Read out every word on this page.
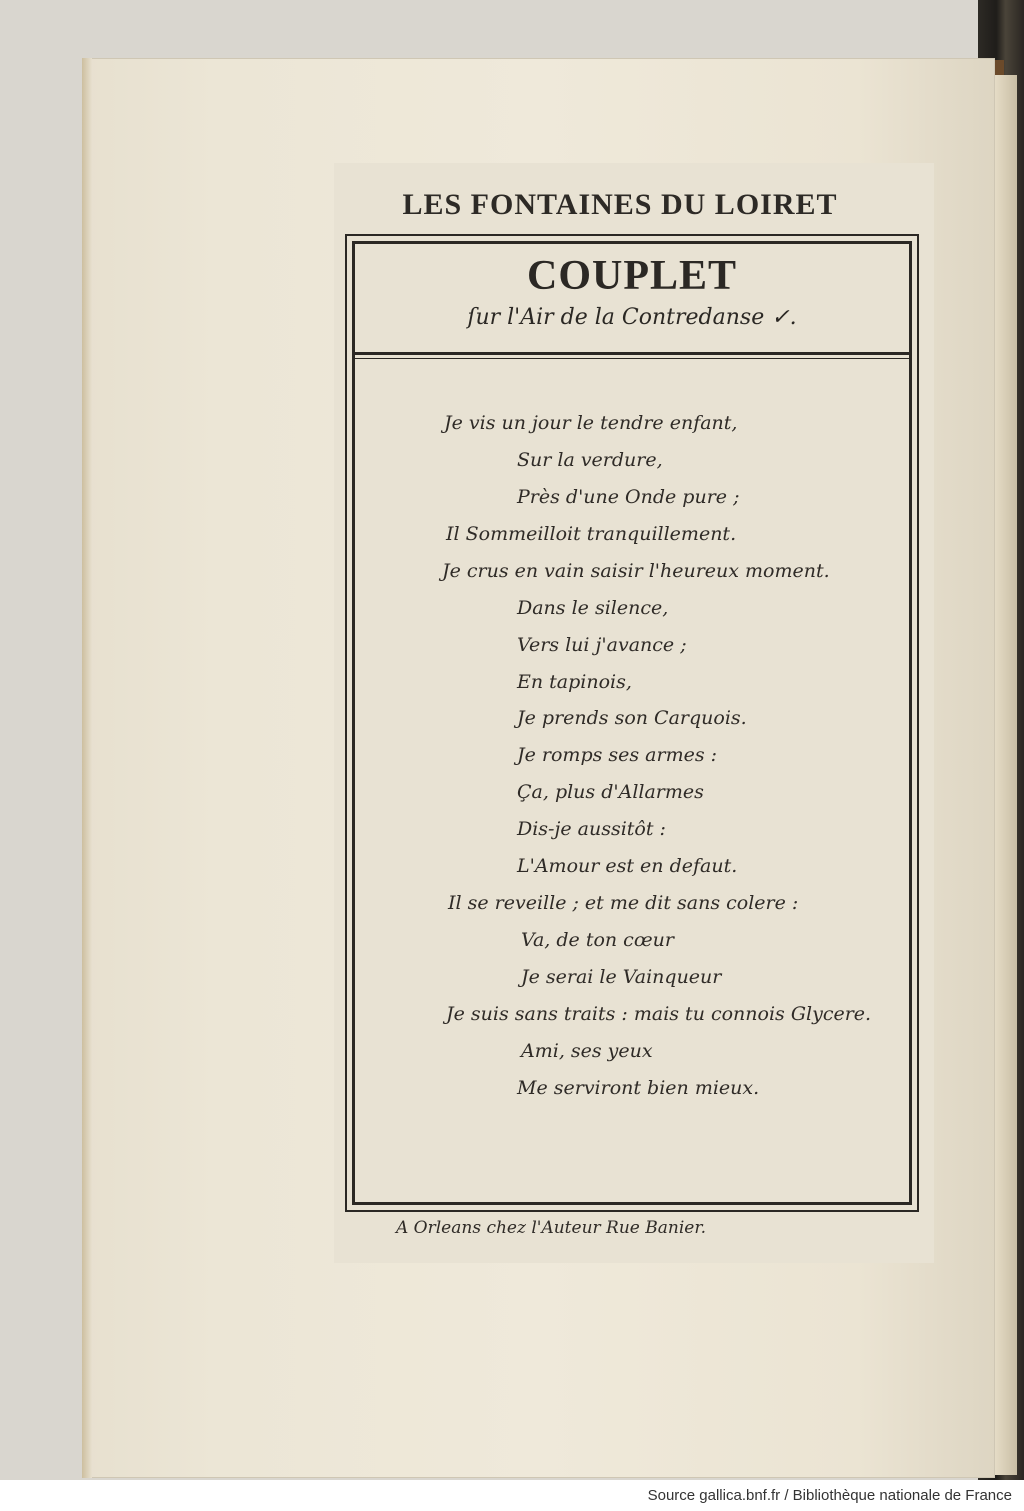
LES FONTAINES DU LOIRET
COUPLET
ſur l'Air de la Contredanse ✓.
Je vis un jour le tendre enfant,
Sur la verdure,
Près d'une Onde pure ;
Il Sommeilloit tranquillement.
Je crus en vain saisir l'heureux moment.
Dans le silence,
Vers lui j'avance ;
En tapinois,
Je prends son Carquois.
Je romps ses armes :
Ça, plus d'Allarmes
Dis-je aussitôt :
L'Amour est en defaut.
Il se reveille ; et me dit sans colere :
Va, de ton cœur
Je serai le Vainqueur
Je suis sans traits : mais tu connois Glycere.
Ami, ses yeux
Me serviront bien mieux.
A Orleans chez l'Auteur Rue Banier.
Source gallica.bnf.fr / Bibliothèque nationale de France
